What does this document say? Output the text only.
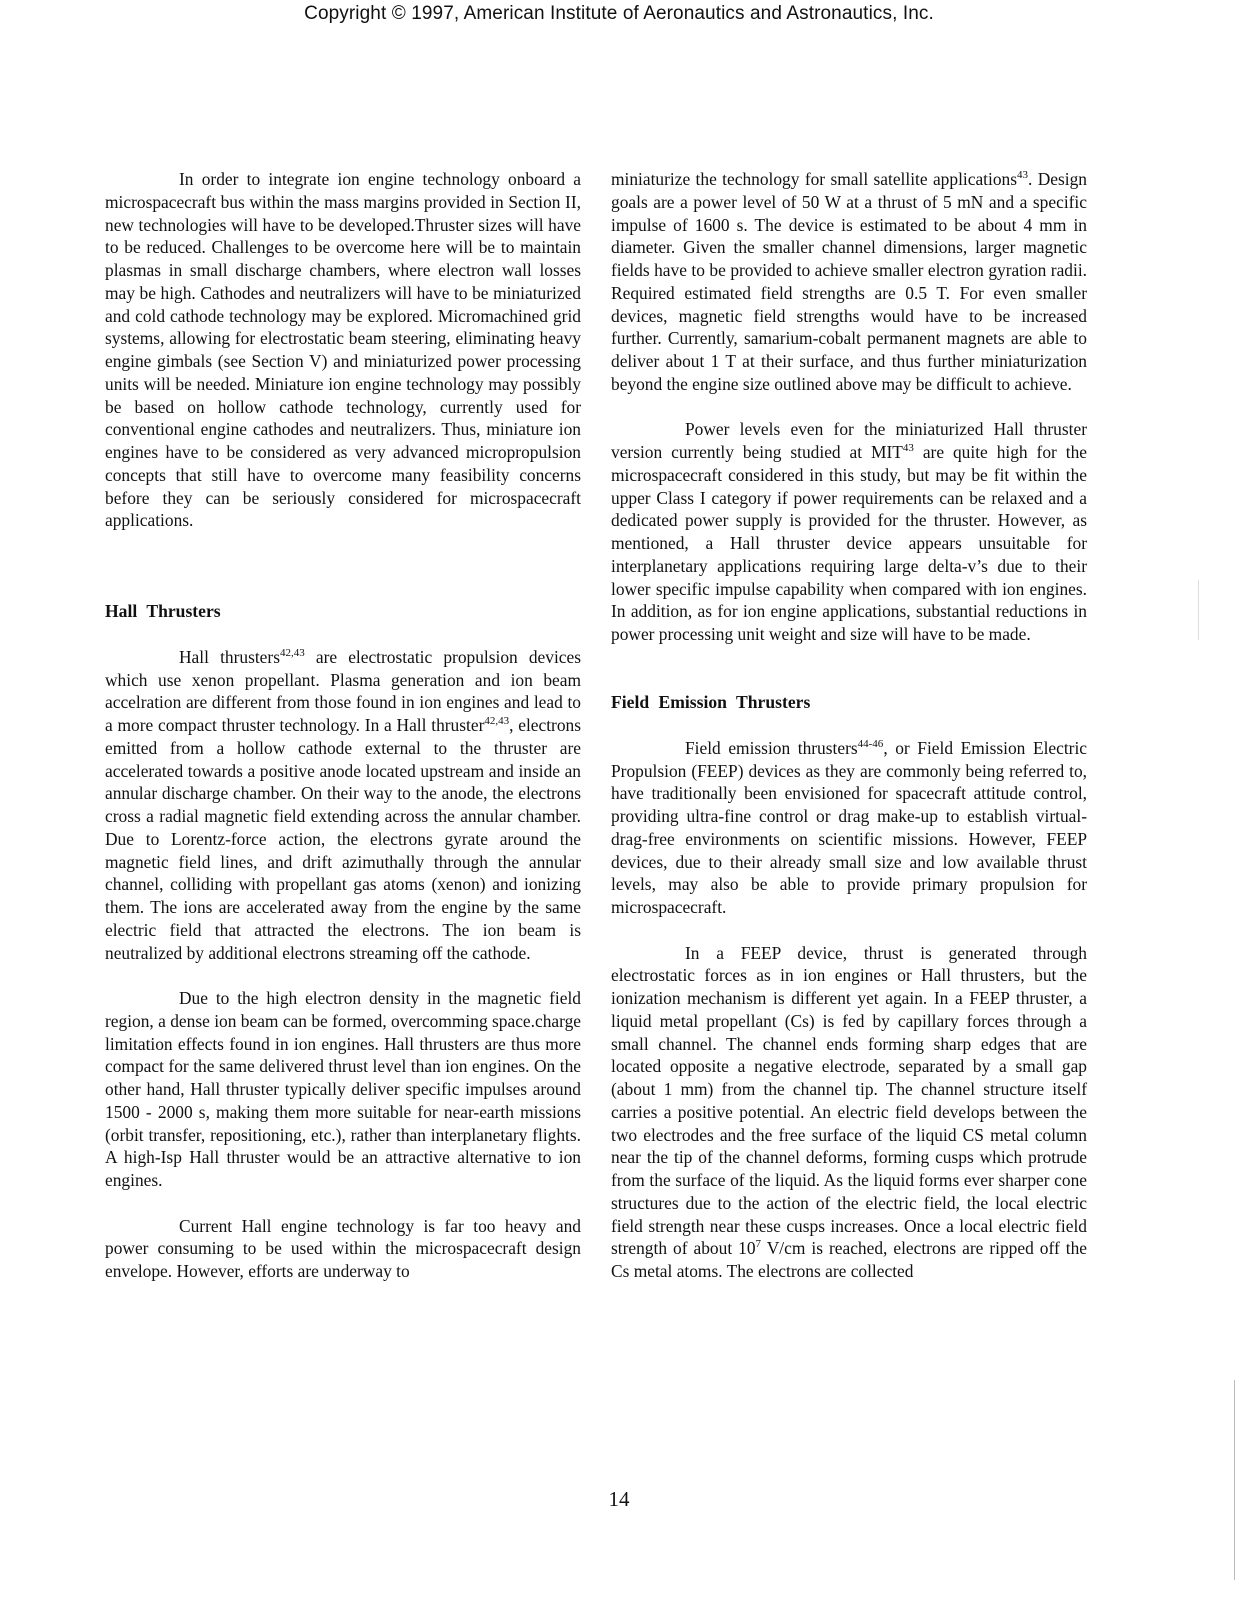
Copyright © 1997, American Institute of Aeronautics and Astronautics, Inc.

In order to integrate ion engine technology onboard a microspacecraft bus within the mass margins provided in Section II, new technologies will have to be developed.Thruster sizes will have to be reduced. Challenges to be overcome here will be to maintain plasmas in small discharge chambers, where electron wall losses may be high. Cathodes and neutralizers will have to be miniaturized and cold cathode technology may be explored. Micromachined grid systems, allowing for electrostatic beam steering, eliminating heavy engine gimbals (see Section V) and miniaturized power processing units will be needed. Miniature ion engine technology may possibly be based on hollow cathode technology, currently used for conventional engine cathodes and neutralizers. Thus, miniature ion engines have to be considered as very advanced micropropulsion concepts that still have to overcome many feasibility concerns before they can be seriously considered for microspacecraft applications.

Hall Thrusters

Hall thrusters$^{42,43}$ are electrostatic propulsion devices which use xenon propellant. Plasma generation and ion beam accelration are different from those found in ion engines and lead to a more compact thruster technology. In a Hall thruster$^{42,43}$, electrons emitted from a hollow cathode external to the thruster are accelerated towards a positive anode located upstream and inside an annular discharge chamber. On their way to the anode, the electrons cross a radial magnetic field extending across the annular chamber. Due to Lorentz-force action, the electrons gyrate around the magnetic field lines, and drift azimuthally through the annular channel, colliding with propellant gas atoms (xenon) and ionizing them. The ions are accelerated away from the engine by the same electric field that attracted the electrons. The ion beam is neutralized by additional electrons streaming off the cathode.

Due to the high electron density in the magnetic field region, a dense ion beam can be formed, overcomming space.charge limitation effects found in ion engines. Hall thrusters are thus more compact for the same delivered thrust level than ion engines. On the other hand, Hall thruster typically deliver specific impulses around 1500 - 2000 s, making them more suitable for near-earth missions (orbit transfer, repositioning, etc.), rather than interplanetary flights. A high-Isp Hall thruster would be an attractive alternative to ion engines.

Current Hall engine technology is far too heavy and power consuming to be used within the microspacecraft design envelope. However, efforts are underway to

miniaturize the technology for small satellite applications$^{43}$. Design goals are a power level of 50 W at a thrust of 5 mN and a specific impulse of 1600 s. The device is estimated to be about 4 mm in diameter. Given the smaller channel dimensions, larger magnetic fields have to be provided to achieve smaller electron gyration radii. Required estimated field strengths are 0.5 T. For even smaller devices, magnetic field strengths would have to be increased further. Currently, samarium-cobalt permanent magnets are able to deliver about 1 T at their surface, and thus further miniaturization beyond the engine size outlined above may be difficult to achieve.

Power levels even for the miniaturized Hall thruster version currently being studied at MIT$^{43}$ are quite high for the microspacecraft considered in this study, but may be fit within the upper Class I category if power requirements can be relaxed and a dedicated power supply is provided for the thruster. However, as mentioned, a Hall thruster device appears unsuitable for interplanetary applications requiring large delta-v’s due to their lower specific impulse capability when compared with ion engines. In addition, as for ion engine applications, substantial reductions in power processing unit weight and size will have to be made.

Field Emission Thrusters

Field emission thrusters$^{44-46}$, or Field Emission Electric Propulsion (FEEP) devices as they are commonly being referred to, have traditionally been envisioned for spacecraft attitude control, providing ultra-fine control or drag make-up to establish virtual-drag-free environments on scientific missions. However, FEEP devices, due to their already small size and low available thrust levels, may also be able to provide primary propulsion for microspacecraft.

In a FEEP device, thrust is generated through electrostatic forces as in ion engines or Hall thrusters, but the ionization mechanism is different yet again. In a FEEP thruster, a liquid metal propellant (Cs) is fed by capillary forces through a small channel. The channel ends forming sharp edges that are located opposite a negative electrode, separated by a small gap (about 1 mm) from the channel tip. The channel structure itself carries a positive potential. An electric field develops between the two electrodes and the free surface of the liquid CS metal column near the tip of the channel deforms, forming cusps which protrude from the surface of the liquid. As the liquid forms ever sharper cone structures due to the action of the electric field, the local electric field strength near these cusps increases. Once a local electric field strength of about $10^7$ V/cm is reached, electrons are ripped off the Cs metal atoms. The electrons are collected

14
